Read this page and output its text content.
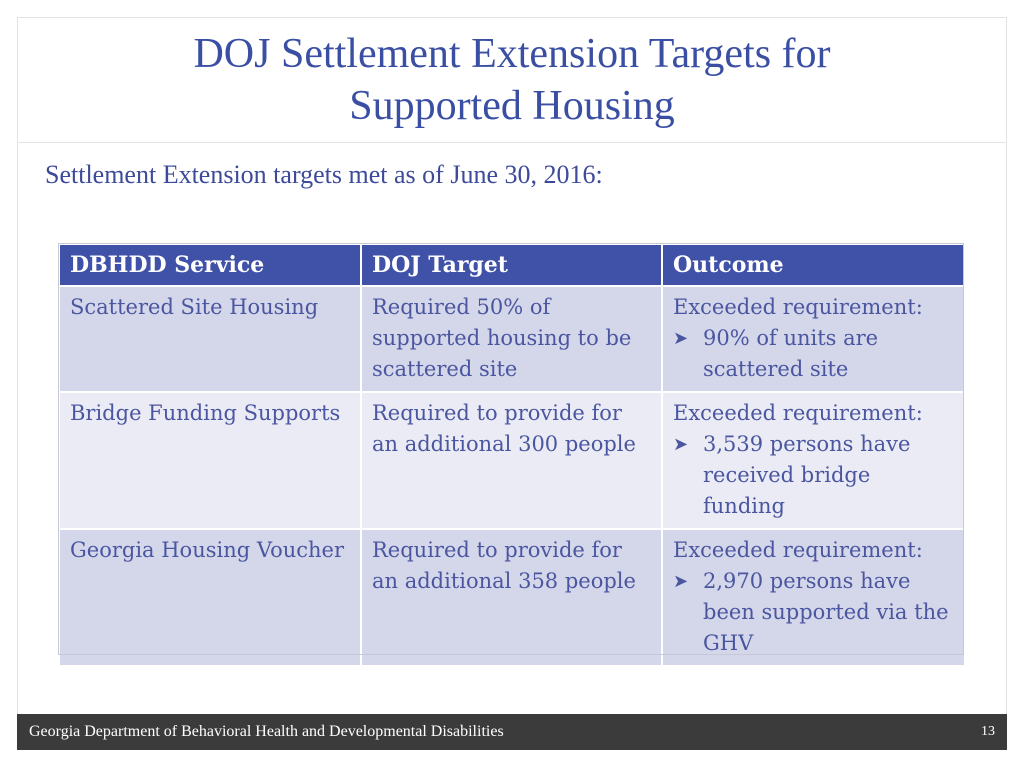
DOJ Settlement Extension Targets for Supported Housing
Settlement Extension targets met as of June 30, 2016:
DBHDD Service	DOJ Target	Outcome
Scattered Site Housing	Required 50% of supported housing to be scattered site	Exceeded requirement:
➤ 90% of units are scattered site

Bridge Funding Supports	Required to provide for an additional 300 people	Exceeded requirement:
➤ 3,539 persons have received bridge funding

Georgia Housing Voucher	Required to provide for an additional 358 people	Exceeded requirement:
➤ 2,970 persons have been supported via the GHV
Georgia Department of Behavioral Health and Developmental Disabilities	13
